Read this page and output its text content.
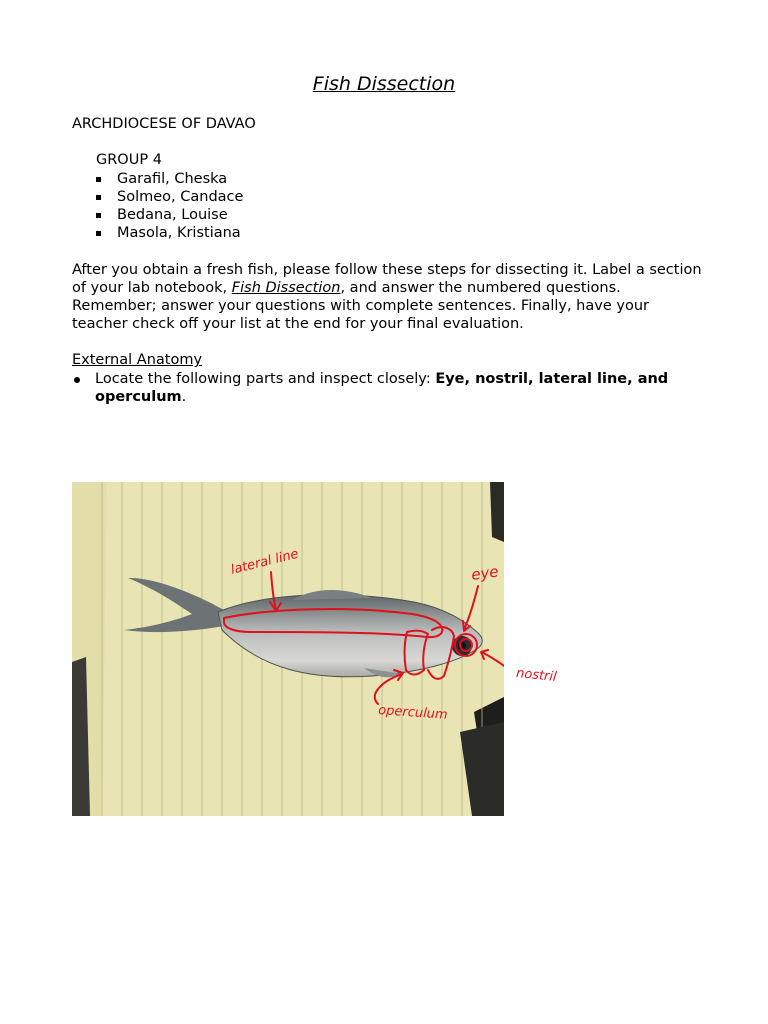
Fish Dissection
ARCHDIOCESE OF DAVAO
GROUP 4
Garafil, Cheska
Solmeo, Candace
Bedana, Louise
Masola, Kristiana
After you obtain a fresh fish, please follow these steps for dissecting it. Label a section of your lab notebook, Fish Dissection, and answer the numbered questions. Remember; answer your questions with complete sentences. Finally, have your teacher check off your list at the end for your final evaluation.
External Anatomy
Locate the following parts and inspect closely: Eye, nostril, lateral line, and operculum.
lateral line	eye
operculum
nostril
